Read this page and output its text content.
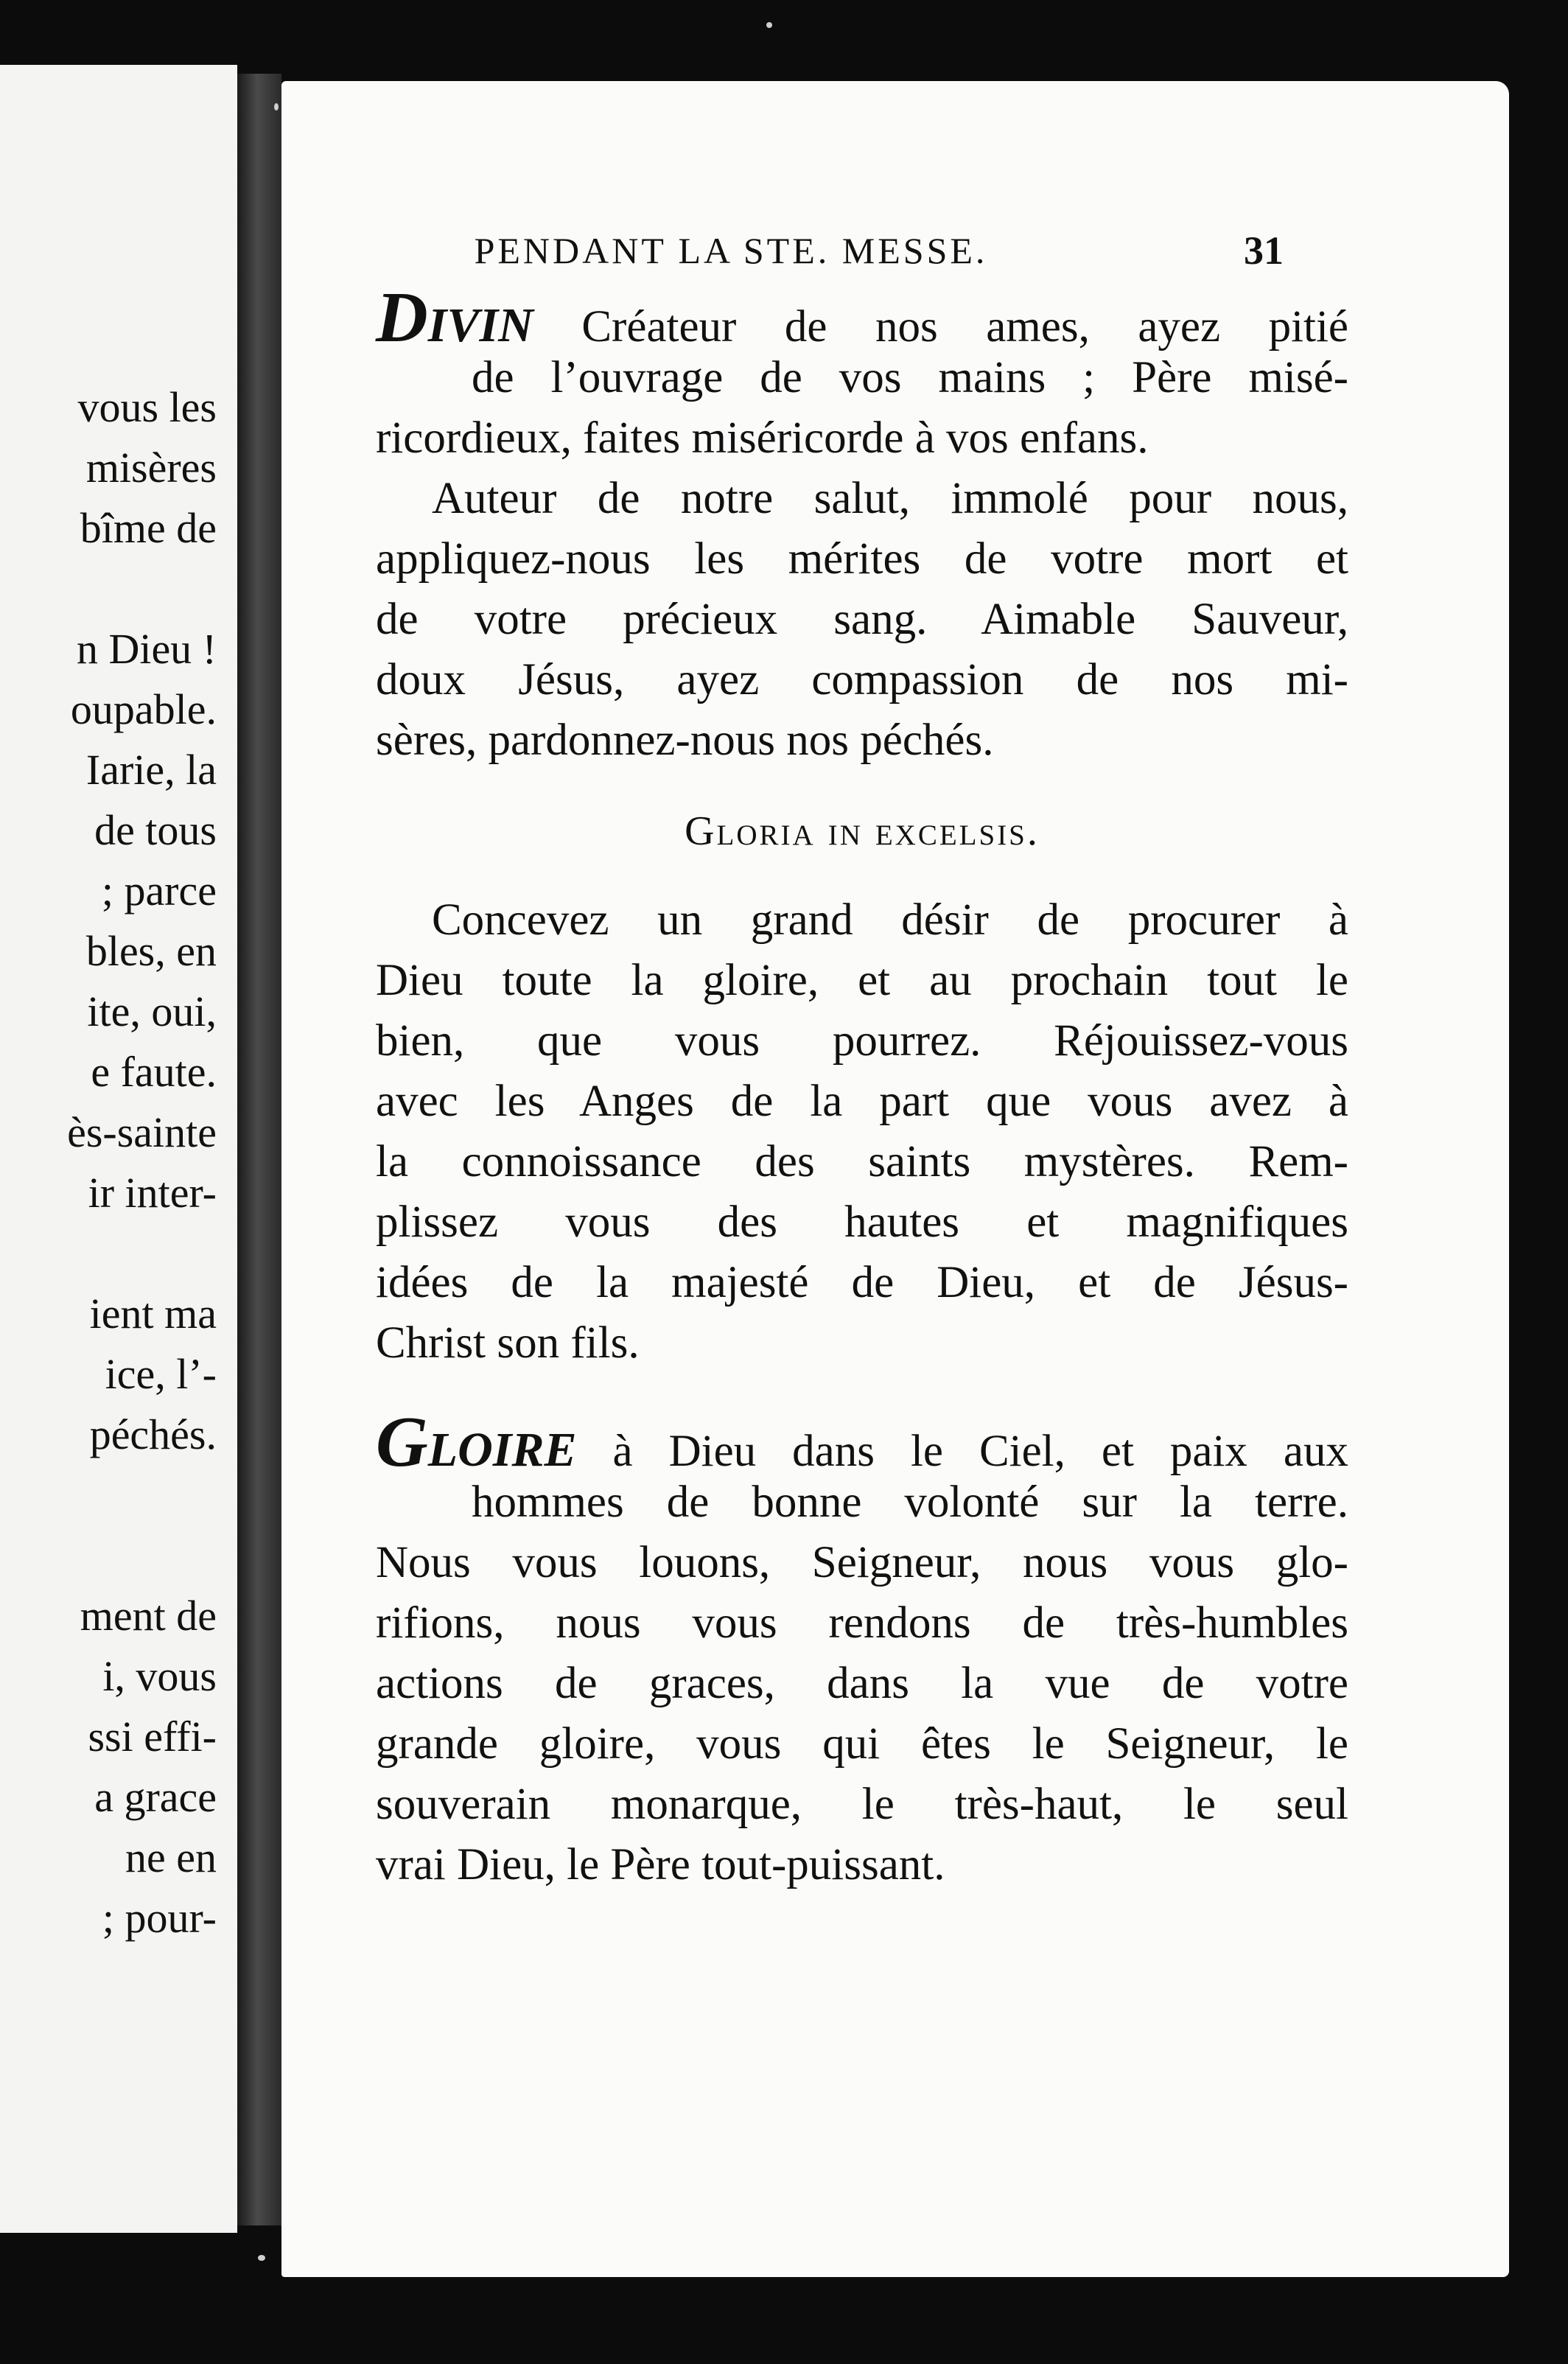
vous les
misères
bîme de
n Dieu !
oupable.
Iarie, la
de tous
; parce
bles, en
ite, oui,
e faute.
ès-sainte
ir inter-
ient ma
ice, l’-
péchés.
ment de
i, vous
ssi effi-
a grace
ne en
; pour-
PENDANT LA STE. MESSE.	31
DIVIN Créateur de nos ames, ayez pitié
de l’ouvrage de vos mains ; Père misé-
ricordieux, faites miséricorde à vos enfans.
Auteur de notre salut, immolé pour nous,
appliquez-nous les mérites de votre mort et
de votre précieux sang. Aimable Sauveur,
doux Jésus, ayez compassion de nos mi-
sères, pardonnez-nous nos péchés.
Gloria in excelsis.
Concevez un grand désir de procurer à
Dieu toute la gloire, et au prochain tout le
bien, que vous pourrez. Réjouissez-vous
avec les Anges de la part que vous avez à
la connoissance des saints mystères. Rem-
plissez vous des hautes et magnifiques
idées de la majesté de Dieu, et de Jésus-
Christ son fils.
GLOIRE à Dieu dans le Ciel, et paix aux
hommes de bonne volonté sur la terre.
Nous vous louons, Seigneur, nous vous glo-
rifions, nous vous rendons de très-humbles
actions de graces, dans la vue de votre
grande gloire, vous qui êtes le Seigneur, le
souverain monarque, le très-haut, le seul
vrai Dieu, le Père tout-puissant.
